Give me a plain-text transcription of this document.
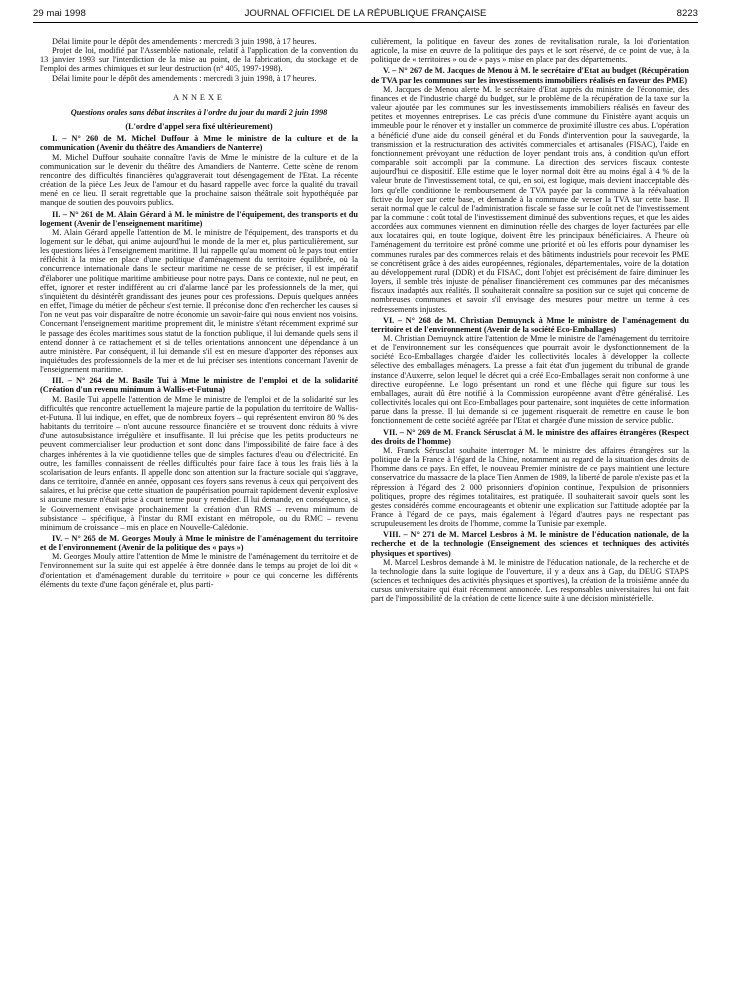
29 mai 1998	JOURNAL OFFICIEL DE LA RÉPUBLIQUE FRANÇAISE	8223

Délai limite pour le dépôt des amendements : mercredi 3 juin 1998, à 17 heures.

Projet de loi, modifié par l'Assemblée nationale, relatif à l'application de la convention du 13 janvier 1993 sur l'interdiction de la mise au point, de la fabrication, du stockage et de l'emploi des armes chimiques et sur leur destruction (n° 405, 1997-1998).

Délai limite pour le dépôt des amendements : mercredi 3 juin 1998, à 17 heures.

ANNEXE

Questions orales sans débat inscrites à l'ordre du jour du mardi 2 juin 1998

(L'ordre d'appel sera fixé ultérieurement)

I. – N° 260 de M. Michel Duffour à Mme le ministre de la culture et de la communication (Avenir du théâtre des Amandiers de Nanterre)

M. Michel Duffour souhaite connaître l'avis de Mme le ministre de la culture et de la communication sur le devenir du théâtre des Amandiers de Nanterre. Cette scène de renom rencontre des difficultés financières qu'aggraverait tout désengagement de l'Etat. La récente création de la pièce Les Jeux de l'amour et du hasard rappelle avec force la qualité du travail mené en ce lieu. Il serait regrettable que la prochaine saison théâtrale soit hypothéquée par manque de soutien des pouvoirs publics.

II. – N° 261 de M. Alain Gérard à M. le ministre de l'équipement, des transports et du logement (Avenir de l'enseignement maritime)

M. Alain Gérard appelle l'attention de M. le ministre de l'équipement, des transports et du logement sur le débat, qui anime aujourd'hui le monde de la mer et, plus particulièrement, sur les questions liées à l'enseignement maritime. Il lui rappelle qu'au moment où le pays tout entier réfléchit à la mise en place d'une politique d'aménagement du territoire équilibrée, où la concurrence internationale dans le secteur maritime ne cesse de se préciser, il est impératif d'élaborer une politique maritime ambitieuse pour notre pays. Dans ce contexte, nul ne peut, en effet, ignorer et rester indifférent au cri d'alarme lancé par les professionnels de la mer, qui s'inquiètent du désintérêt grandissant des jeunes pour ces professions. Depuis quelques années en effet, l'image du métier de pêcheur s'est ternie. Il préconise donc d'en rechercher les causes si l'on ne veut pas voir disparaître de notre économie un savoir-faire qui nous envient nos voisins. Concernant l'enseignement maritime proprement dit, le ministre s'étant récemment exprimé sur le passage des écoles maritimes sous statut de la fonction publique, il lui demande quels sens il entend donner à ce rattachement et si de telles orientations annoncent une dépendance à un autre ministère. Par conséquent, il lui demande s'il est en mesure d'apporter des réponses aux inquiétudes des professionnels de la mer et de lui préciser ses intentions concernant l'avenir de l'enseignement maritime.

III. – N° 264 de M. Basile Tui à Mme le ministre de l'emploi et de la solidarité (Création d'un revenu minimum à Wallis-et-Futuna)

M. Basile Tui appelle l'attention de Mme le ministre de l'emploi et de la solidarité sur les difficultés que rencontre actuellement la majeure partie de la population du territoire de Wallis-et-Futuna. Il lui indique, en effet, que de nombreux foyers – qui représentent environ 80 % des habitants du territoire – n'ont aucune ressource financière et se trouvent donc réduits à vivre d'une autosubsistance irrégulière et insuffisante. Il lui précise que les petits producteurs ne peuvent commercialiser leur production et sont donc dans l'impossibilité de faire face à des charges inhérentes à la vie quotidienne telles que de simples factures d'eau ou d'électricité. En outre, les familles connaissent de réelles difficultés pour faire face à tous les frais liés à la scolarisation de leurs enfants. Il appelle donc son attention sur la fracture sociale qui s'aggrave, dans ce territoire, d'année en année, opposant ces foyers sans revenus à ceux qui perçoivent des salaires, et lui précise que cette situation de paupérisation pourrait rapidement devenir explosive si aucune mesure n'était prise à court terme pour y remédier. Il lui demande, en conséquence, si le Gouvernement envisage prochainement la création d'un RMS – revenu minimum de subsistance – spécifique, à l'instar du RMI existant en métropole, ou du RMC – revenu minimum de croissance – mis en place en Nouvelle-Calédonie.

IV. – N° 265 de M. Georges Mouly à Mme le ministre de l'aménagement du territoire et de l'environnement (Avenir de la politique des « pays »)

M. Georges Mouly attire l'attention de Mme le ministre de l'aménagement du territoire et de l'environnement sur la suite qui est appelée à être donnée dans le temps au projet de loi dit « d'orientation et d'aménagement durable du territoire » pour ce qui concerne les différents éléments du texte d'une façon générale et, plus parti-

culièrement, la politique en faveur des zones de revitalisation rurale, la loi d'orientation agricole, la mise en œuvre de la politique des pays et le sort réservé, de ce point de vue, à la politique de « territoires » ou de « pays » mise en place par des départements.

V. – N° 267 de M. Jacques de Menou à M. le secrétaire d'Etat au budget (Récupération de TVA par les communes sur les investissements immobiliers réalisés en faveur des PME)

M. Jacques de Menou alerte M. le secrétaire d'Etat auprès du ministre de l'économie, des finances et de l'industrie chargé du budget, sur le problème de la récupération de la taxe sur la valeur ajoutée par les communes sur les investissements immobiliers réalisés en faveur des petites et moyennes entreprises. Le cas précis d'une commune du Finistère ayant acquis un immeuble pour le rénover et y installer un commerce de proximité illustre ces abus. L'opération a bénéficié d'une aide du conseil général et du Fonds d'intervention pour la sauvegarde, la transmission et la restructuration des activités commerciales et artisanales (FISAC), l'aide en fonctionnement prévoyant une réduction de loyer pendant trois ans, à condition qu'un effort comparable soit accompli par la commune. La direction des services fiscaux conteste aujourd'hui ce dispositif. Elle estime que le loyer normal doit être au moins égal à 4 % de la valeur brute de l'investissement total, ce qui, en soi, est logique, mais devient inacceptable dès lors qu'elle conditionne le remboursement de TVA payée par la commune à la réévaluation fictive du loyer sur cette base, et demande à la commune de verser la TVA sur cette base. Il serait normal que le calcul de l'administration fiscale se fasse sur le coût net de l'investissement par la commune : coût total de l'investissement diminué des subventions reçues, et que les aides accordées aux communes viennent en diminution réelle des charges de loyer facturées par elle aux locataires qui, en toute logique, doivent être les principaux bénéficiaires. A l'heure où l'aménagement du territoire est prôné comme une priorité et où les efforts pour dynamiser les communes rurales par des commerces relais et des bâtiments industriels pour recevoir les PME se concrétisent grâce à des aides européennes, régionales, départementales, voire de la dotation au développement rural (DDR) et du FISAC, dont l'objet est précisément de faire diminuer les loyers, il semble très injuste de pénaliser financièrement ces communes par des mécanismes fiscaux inadaptés aux réalités. Il souhaiterait connaître sa position sur ce sujet qui concerne de nombreuses communes et savoir s'il envisage des mesures pour mettre un terme à ces redressements injustes.

VI. – N° 268 de M. Christian Demuynck à Mme le ministre de l'aménagement du territoire et de l'environnement (Avenir de la société Eco-Emballages)

M. Christian Demuynck attire l'attention de Mme le ministre de l'aménagement du territoire et de l'environnement sur les conséquences que pourrait avoir le dysfonctionnement de la société Eco-Emballages chargée d'aider les collectivités locales à développer la collecte sélective des emballages ménagers. La presse a fait état d'un jugement du tribunal de grande instance d'Auxerre, selon lequel le décret qui a créé Eco-Emballages serait non conforme à une directive européenne. Le logo présentant un rond et une flèche qui figure sur tous les emballages, aurait dû être notifié à la Commission européenne avant d'être généralisé. Les collectivités locales qui ont Eco-Emballages pour partenaire, sont inquiètes de cette information parue dans la presse. Il lui demande si ce jugement risquerait de remettre en cause le bon fonctionnement de cette société agréée par l'Etat et chargée d'une mission de service public.

VII. – N° 269 de M. Franck Sérusclat à M. le ministre des affaires étrangères (Respect des droits de l'homme)

M. Franck Sérusclat souhaite interroger M. le ministre des affaires étrangères sur la politique de la France à l'égard de la Chine, notamment au regard de la situation des droits de l'homme dans ce pays. En effet, le nouveau Premier ministre de ce pays maintient une lecture conservatrice du massacre de la place Tien Anmen de 1989, la liberté de parole n'existe pas et la répression à l'égard des 2 000 prisonniers d'opinion continue, l'expulsion de prisonniers politiques, propre des régimes totalitaires, est pratiquée. Il souhaiterait savoir quels sont les gestes considérés comme encourageants et obtenir une explication sur l'attitude adoptée par la France à l'égard de ce pays, mais également à l'égard d'autres pays ne respectant pas scrupuleusement les droits de l'homme, comme la Tunisie par exemple.

VIII. – N° 271 de M. Marcel Lesbros à M. le ministre de l'éducation nationale, de la recherche et de la technologie (Enseignement des sciences et techniques des activités physiques et sportives)

M. Marcel Lesbros demande à M. le ministre de l'éducation nationale, de la recherche et de la technologie dans la suite logique de l'ouverture, il y a deux ans à Gap, du DEUG STAPS (sciences et techniques des activités physiques et sportives), la création de la troisième année du cursus universitaire qui était récemment annoncée. Les responsables universitaires lui ont fait part de l'impossibilité de la création de cette licence suite à une décision ministérielle.
